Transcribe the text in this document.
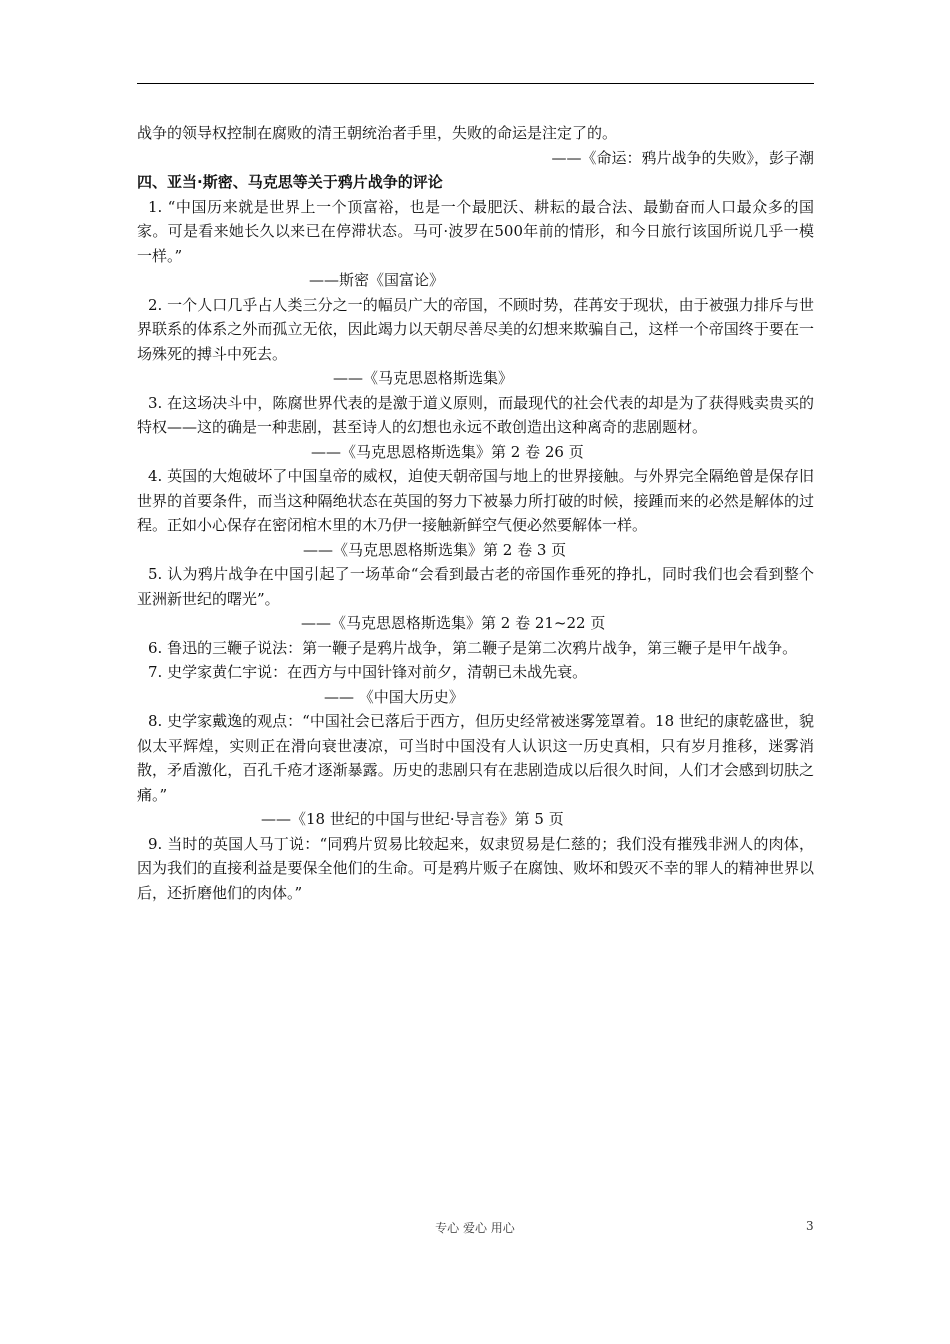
战争的领导权控制在腐败的清王朝统治者手里，失败的命运是注定了的。

——《命运：鸦片战争的失败》，彭子潮

四、亚当·斯密、马克思等关于鸦片战争的评论

1. “中国历来就是世界上一个顶富裕，也是一个最肥沃、耕耘的最合法、最勤奋而人口最众多的国家。可是看来她长久以来已在停滞状态。马可·波罗在500年前的情形，和今日旅行该国所说几乎一模一样。”

——斯密《国富论》

2. 一个人口几乎占人类三分之一的幅员广大的帝国，不顾时势，荏苒安于现状，由于被强力排斥与世界联系的体系之外而孤立无依，因此竭力以天朝尽善尽美的幻想来欺骗自己，这样一个帝国终于要在一场殊死的搏斗中死去。

——《马克思恩格斯选集》

3. 在这场决斗中，陈腐世界代表的是激于道义原则，而最现代的社会代表的却是为了获得贱卖贵买的特权——这的确是一种悲剧，甚至诗人的幻想也永远不敢创造出这种离奇的悲剧题材。

——《马克思恩格斯选集》第 2 卷 26 页

4. 英国的大炮破坏了中国皇帝的威权，迫使天朝帝国与地上的世界接触。与外界完全隔绝曾是保存旧世界的首要条件，而当这种隔绝状态在英国的努力下被暴力所打破的时候，接踵而来的必然是解体的过程。正如小心保存在密闭棺木里的木乃伊一接触新鲜空气便必然要解体一样。

——《马克思恩格斯选集》第 2 卷 3 页

5. 认为鸦片战争在中国引起了一场革命“会看到最古老的帝国作垂死的挣扎，同时我们也会看到整个亚洲新世纪的曙光”。

——《马克思恩格斯选集》第 2 卷 21~22 页

6. 鲁迅的三鞭子说法：第一鞭子是鸦片战争，第二鞭子是第二次鸦片战争，第三鞭子是甲午战争。

7. 史学家黄仁宇说：在西方与中国针锋对前夕，清朝已未战先衰。

—— 《中国大历史》

8. 史学家戴逸的观点：“中国社会已落后于西方，但历史经常被迷雾笼罩着。18 世纪的康乾盛世，貌似太平辉煌，实则正在滑向衰世凄凉，可当时中国没有人认识这一历史真相，只有岁月推移，迷雾消散，矛盾激化，百孔千疮才逐渐暴露。历史的悲剧只有在悲剧造成以后很久时间，人们才会感到切肤之痛。”

——《18 世纪的中国与世纪·导言卷》第 5 页

9. 当时的英国人马丁说：“同鸦片贸易比较起来，奴隶贸易是仁慈的；我们没有摧残非洲人的肉体，因为我们的直接利益是要保全他们的生命。可是鸦片贩子在腐蚀、败坏和毁灭不幸的罪人的精神世界以后，还折磨他们的肉体。”

专心 爱心 用心	3
